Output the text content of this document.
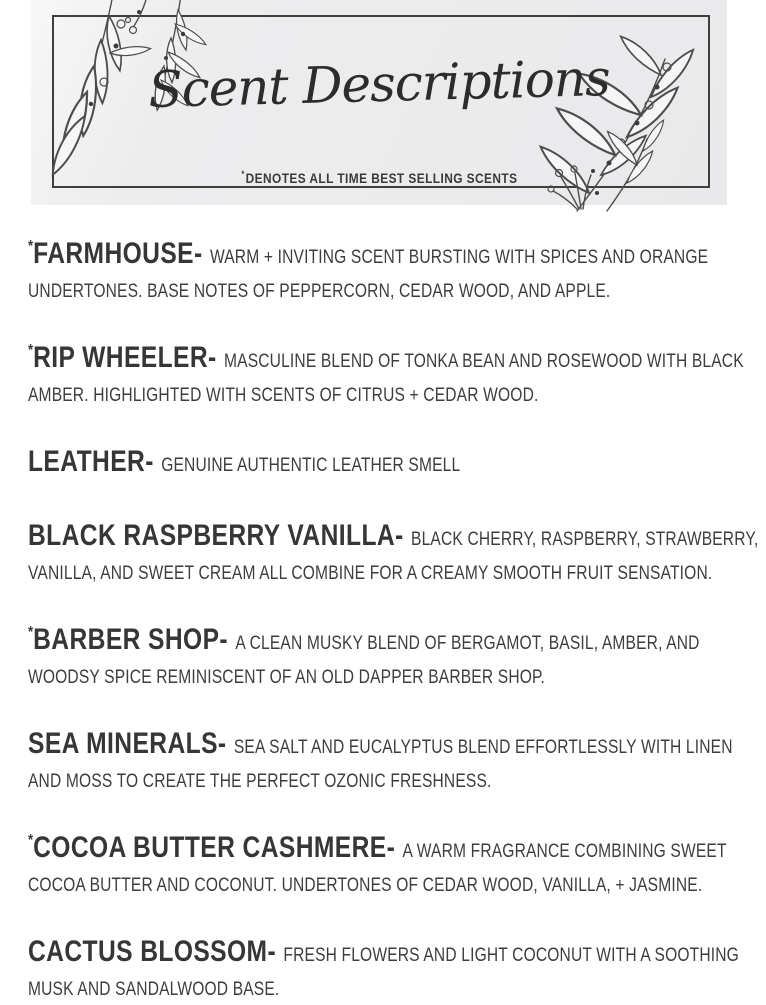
Scent Descriptions
*DENOTES ALL TIME BEST SELLING SCENTS

*FARMHOUSE- WARM + INVITING SCENT BURSTING WITH SPICES AND ORANGE
UNDERTONES. BASE NOTES OF PEPPERCORN, CEDAR WOOD, AND APPLE.

*RIP WHEELER- MASCULINE BLEND OF TONKA BEAN AND ROSEWOOD WITH BLACK
AMBER. HIGHLIGHTED WITH SCENTS OF CITRUS + CEDAR WOOD.

LEATHER- GENUINE AUTHENTIC LEATHER SMELL

BLACK RASPBERRY VANILLA- BLACK CHERRY, RASPBERRY, STRAWBERRY,
VANILLA, AND SWEET CREAM ALL COMBINE FOR A CREAMY SMOOTH FRUIT SENSATION.

*BARBER SHOP- A CLEAN MUSKY BLEND OF BERGAMOT, BASIL, AMBER, AND
WOODSY SPICE REMINISCENT OF AN OLD DAPPER BARBER SHOP.

SEA MINERALS- SEA SALT AND EUCALYPTUS BLEND EFFORTLESSLY WITH LINEN
AND MOSS TO CREATE THE PERFECT OZONIC FRESHNESS.

*COCOA BUTTER CASHMERE- A WARM FRAGRANCE COMBINING SWEET
COCOA BUTTER AND COCONUT. UNDERTONES OF CEDAR WOOD, VANILLA, + JASMINE.

CACTUS BLOSSOM- FRESH FLOWERS AND LIGHT COCONUT WITH A SOOTHING
MUSK AND SANDALWOOD BASE.
